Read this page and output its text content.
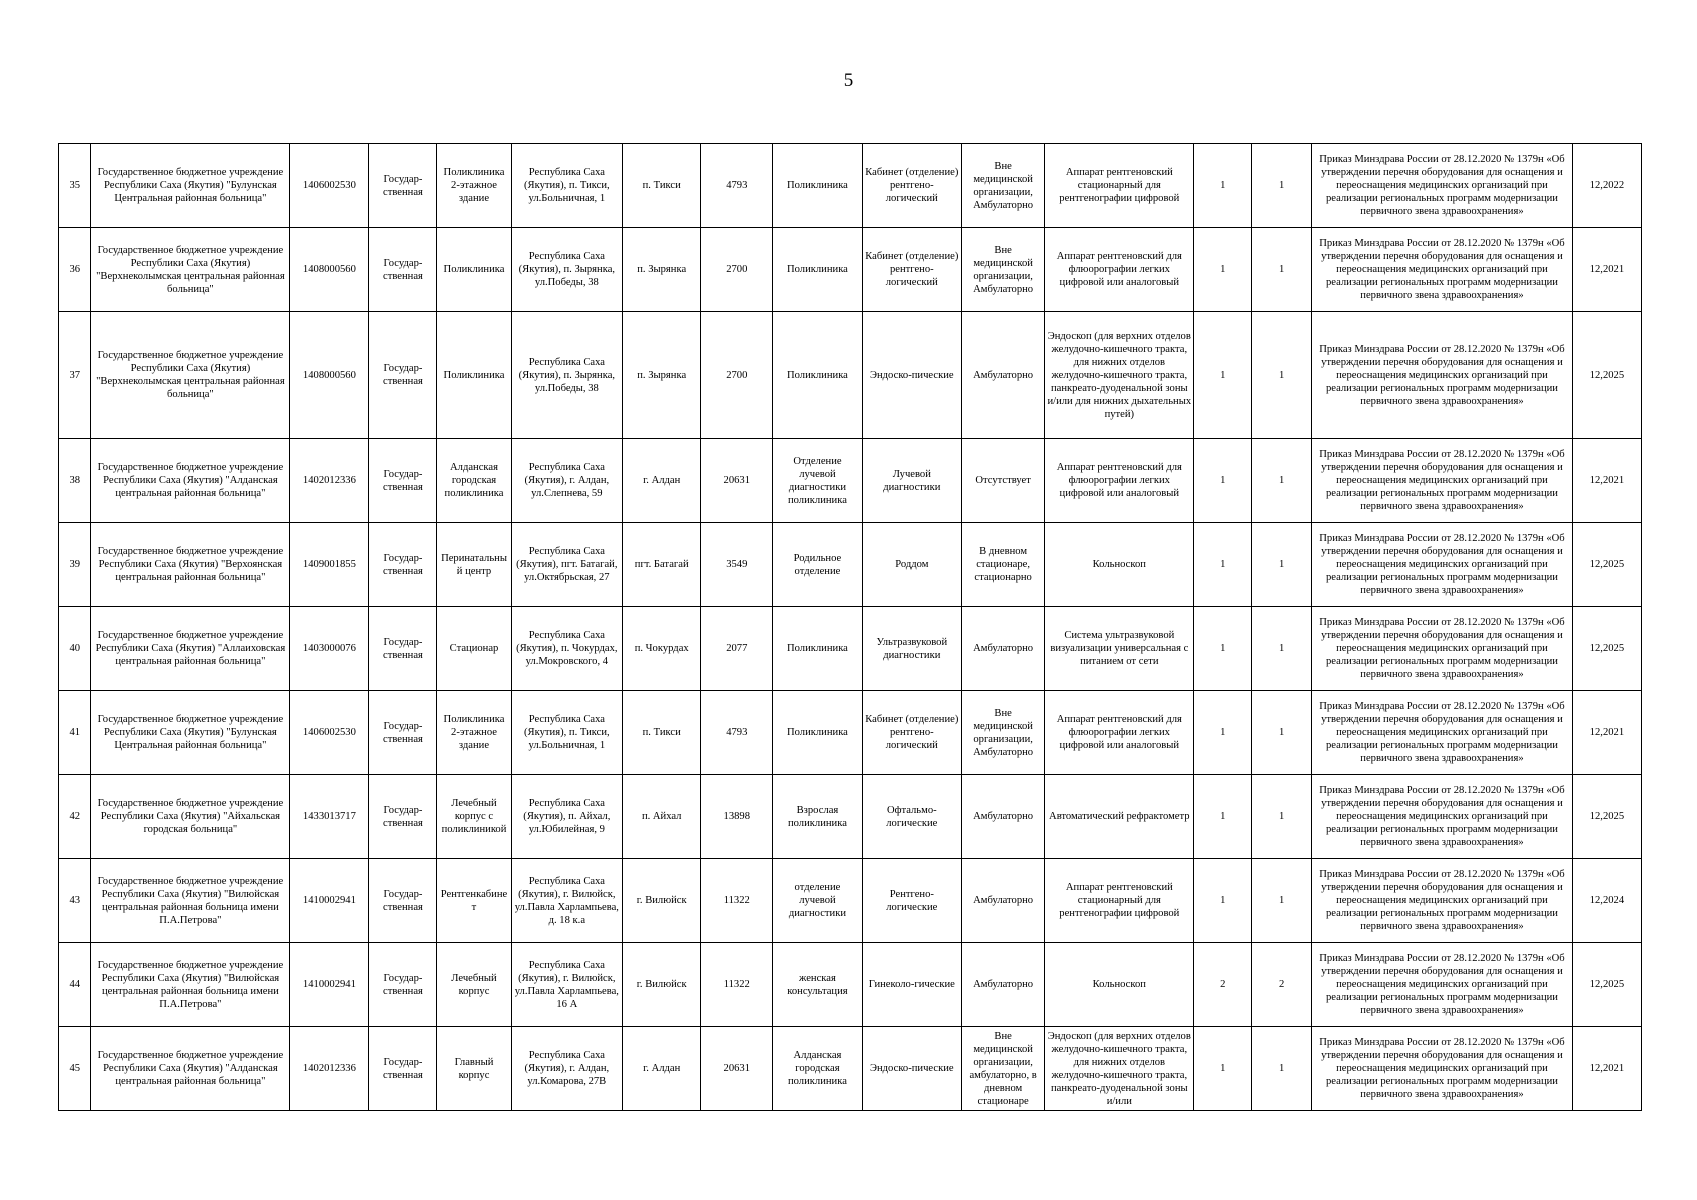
5
35	Государственное бюджетное учреждение Республики Саха (Якутия) "Булунская Центральная районная больница"	1406002530	Государ-ственная	Поликлиника 2-этажное здание	Республика Саха (Якутия), п. Тикси, ул.Больничная, 1	п. Тикси	4793	Поликлиника	Кабинет (отделение) рентгено-логический	Вне медицинской организации, Амбулаторно	Аппарат рентгеновский стационарный для рентгенографии цифровой	1	1	Приказ Минздрава России от 28.12.2020 № 1379н «Об утверждении перечня оборудования для оснащения и переоснащения медицинских организаций при реализации региональных программ модернизации первичного звена здравоохранения»	12,2022

36	Государственное бюджетное учреждение Республики Саха (Якутия) "Верхнеколымская центральная районная больница"	1408000560	Государ-ственная	Поликлиника	Республика Саха (Якутия), п. Зырянка, ул.Победы, 38	п. Зырянка	2700	Поликлиника	Кабинет (отделение) рентгено-логический	Вне медицинской организации, Амбулаторно	Аппарат рентгеновский для флюорографии легких цифровой или аналоговый	1	1	Приказ Минздрава России от 28.12.2020 № 1379н «Об утверждении перечня оборудования для оснащения и переоснащения медицинских организаций при реализации региональных программ модернизации первичного звена здравоохранения»	12,2021

37	Государственное бюджетное учреждение Республики Саха (Якутия) "Верхнеколымская центральная районная больница"	1408000560	Государ-ственная	Поликлиника	Республика Саха (Якутия), п. Зырянка, ул.Победы, 38	п. Зырянка	2700	Поликлиника	Эндоско-пические	Амбулаторно	Эндоскоп (для верхних отделов желудочно-кишечного тракта, для нижних отделов желудочно-кишечного тракта, панкреато-дуоденальной зоны и/или для нижних дыхательных путей)	1	1	Приказ Минздрава России от 28.12.2020 № 1379н «Об утверждении перечня оборудования для оснащения и переоснащения медицинских организаций при реализации региональных программ модернизации первичного звена здравоохранения»	12,2025

38	Государственное бюджетное учреждение Республики Саха (Якутия) "Алданская центральная районная больница"	1402012336	Государ-ственная	Алданская городская поликлиника	Республика Саха (Якутия), г. Алдан, ул.Слепнева, 59	г. Алдан	20631	Отделение лучевой диагностики поликлиника	Лучевой диагностики	Отсутствует	Аппарат рентгеновский для флюорографии легких цифровой или аналоговый	1	1	Приказ Минздрава России от 28.12.2020 № 1379н «Об утверждении перечня оборудования для оснащения и переоснащения медицинских организаций при реализации региональных программ модернизации первичного звена здравоохранения»	12,2021

39	Государственное бюджетное учреждение Республики Саха (Якутия) "Верхоянская центральная районная больница"	1409001855	Государ-ственная	Перинатальный центр	Республика Саха (Якутия), пгт. Батагай, ул.Октябрьская, 27	пгт. Батагай	3549	Родильное отделение	Роддом	В дневном стационаре, стационарно	Кольноскоп	1	1	Приказ Минздрава России от 28.12.2020 № 1379н «Об утверждении перечня оборудования для оснащения и переоснащения медицинских организаций при реализации региональных программ модернизации первичного звена здравоохранения»	12,2025

40	Государственное бюджетное учреждение Республики Саха (Якутия) "Аллаиховская центральная районная больница"	1403000076	Государ-ственная	Стационар	Республика Саха (Якутия), п. Чокурдах, ул.Мокровского, 4	п. Чокурдах	2077	Поликлиника	Ультразвуковой диагностики	Амбулаторно	Система ультразвуковой визуализации универсальная с питанием от сети	1	1	Приказ Минздрава России от 28.12.2020 № 1379н «Об утверждении перечня оборудования для оснащения и переоснащения медицинских организаций при реализации региональных программ модернизации первичного звена здравоохранения»	12,2025

41	Государственное бюджетное учреждение Республики Саха (Якутия) "Булунская Центральная районная больница"	1406002530	Государ-ственная	Поликлиника 2-этажное здание	Республика Саха (Якутия), п. Тикси, ул.Больничная, 1	п. Тикси	4793	Поликлиника	Кабинет (отделение) рентгено-логический	Вне медицинской организации, Амбулаторно	Аппарат рентгеновский для флюорографии легких цифровой или аналоговый	1	1	Приказ Минздрава России от 28.12.2020 № 1379н «Об утверждении перечня оборудования для оснащения и переоснащения медицинских организаций при реализации региональных программ модернизации первичного звена здравоохранения»	12,2021

42	Государственное бюджетное учреждение Республики Саха (Якутия) "Айхальская городская больница"	1433013717	Государ-ственная	Лечебный корпус с поликлиникой	Республика Саха (Якутия), п. Айхал, ул.Юбилейная, 9	п. Айхал	13898	Взрослая поликлиника	Офтальмо-логические	Амбулаторно	Автоматический рефрактометр	1	1	Приказ Минздрава России от 28.12.2020 № 1379н «Об утверждении перечня оборудования для оснащения и переоснащения медицинских организаций при реализации региональных программ модернизации первичного звена здравоохранения»	12,2025

43	Государственное бюджетное учреждение Республики Саха (Якутия) "Вилюйская центральная районная больница имени П.А.Петрова"	1410002941	Государ-ственная	Рентгенкабинет	Республика Саха (Якутия), г. Вилюйск, ул.Павла Харлампьева, д. 18 к.а	г. Вилюйск	11322	отделение лучевой диагностики	Рентгено-логические	Амбулаторно	Аппарат рентгеновский стационарный для рентгенографии цифровой	1	1	Приказ Минздрава России от 28.12.2020 № 1379н «Об утверждении перечня оборудования для оснащения и переоснащения медицинских организаций при реализации региональных программ модернизации первичного звена здравоохранения»	12,2024

44	Государственное бюджетное учреждение Республики Саха (Якутия) "Вилюйская центральная районная больница имени П.А.Петрова"	1410002941	Государ-ственная	Лечебный корпус	Республика Саха (Якутия), г. Вилюйск, ул.Павла Харлампьева, 16 А	г. Вилюйск	11322	женская консультация	Гинеколо-гические	Амбулаторно	Кольноскоп	2	2	Приказ Минздрава России от 28.12.2020 № 1379н «Об утверждении перечня оборудования для оснащения и переоснащения медицинских организаций при реализации региональных программ модернизации первичного звена здравоохранения»	12,2025

45	Государственное бюджетное учреждение Республики Саха (Якутия) "Алданская центральная районная больница"	1402012336	Государ-ственная	Главный корпус	Республика Саха (Якутия), г. Алдан, ул.Комарова, 27В	г. Алдан	20631	Алданская городская поликлиника	Эндоско-пические	Вне медицинской организации, амбулаторно, в дневном стационаре	Эндоскоп (для верхних отделов желудочно-кишечного тракта, для нижних отделов желудочно-кишечного тракта, панкреато-дуоденальной зоны и/или	1	1	Приказ Минздрава России от 28.12.2020 № 1379н «Об утверждении перечня оборудования для оснащения и переоснащения медицинских организаций при реализации региональных программ модернизации первичного звена здравоохранения»	12,2021
